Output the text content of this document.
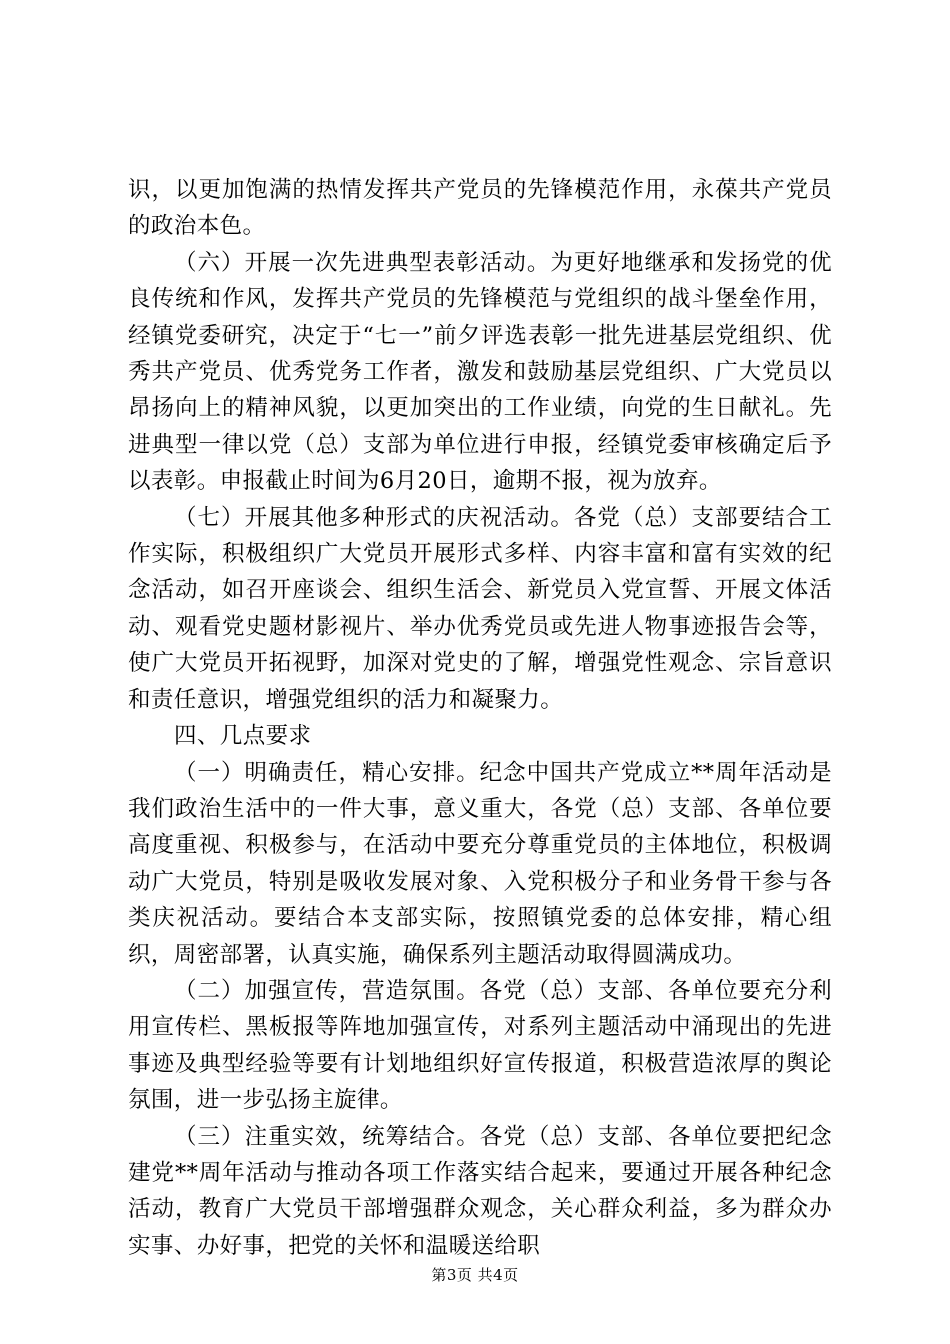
识，以更加饱满的热情发挥共产党员的先锋模范作用，永葆共产党员的政治本色。

（六）开展一次先进典型表彰活动。为更好地继承和发扬党的优良传统和作风，发挥共产党员的先锋模范与党组织的战斗堡垒作用，经镇党委研究，决定于“七一”前夕评选表彰一批先进基层党组织、优秀共产党员、优秀党务工作者，激发和鼓励基层党组织、广大党员以昂扬向上的精神风貌，以更加突出的工作业绩，向党的生日献礼。先进典型一律以党（总）支部为单位进行申报，经镇党委审核确定后予以表彰。申报截止时间为6月20日，逾期不报，视为放弃。

（七）开展其他多种形式的庆祝活动。各党（总）支部要结合工作实际，积极组织广大党员开展形式多样、内容丰富和富有实效的纪念活动，如召开座谈会、组织生活会、新党员入党宣誓、开展文体活动、观看党史题材影视片、举办优秀党员或先进人物事迹报告会等，使广大党员开拓视野，加深对党史的了解，增强党性观念、宗旨意识和责任意识，增强党组织的活力和凝聚力。

四、几点要求

（一）明确责任，精心安排。纪念中国共产党成立**周年活动是我们政治生活中的一件大事，意义重大，各党（总）支部、各单位要高度重视、积极参与，在活动中要充分尊重党员的主体地位，积极调动广大党员，特别是吸收发展对象、入党积极分子和业务骨干参与各类庆祝活动。要结合本支部实际，按照镇党委的总体安排，精心组织，周密部署，认真实施，确保系列主题活动取得圆满成功。

（二）加强宣传，营造氛围。各党（总）支部、各单位要充分利用宣传栏、黑板报等阵地加强宣传，对系列主题活动中涌现出的先进事迹及典型经验等要有计划地组织好宣传报道，积极营造浓厚的舆论氛围，进一步弘扬主旋律。

（三）注重实效，统筹结合。各党（总）支部、各单位要把纪念建党**周年活动与推动各项工作落实结合起来，要通过开展各种纪念活动，教育广大党员干部增强群众观念，关心群众利益，多为群众办实事、办好事，把党的关怀和温暖送给职

第3页 共4页
